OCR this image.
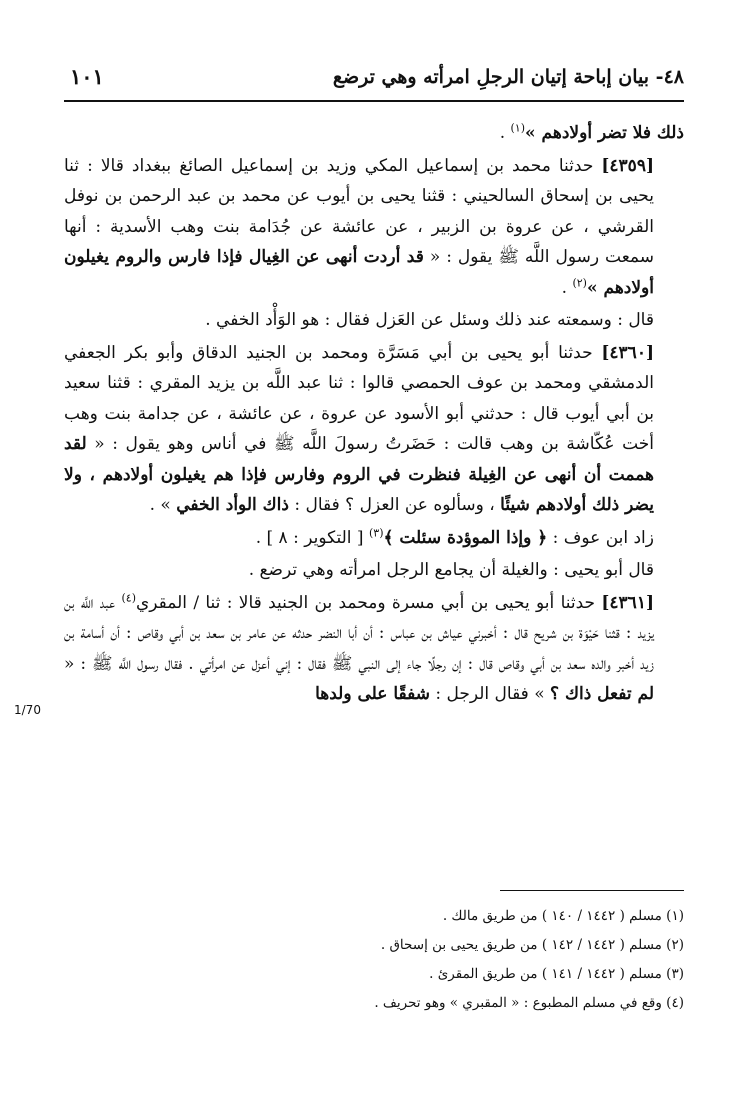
٤٨- بيان إباحة إتيان الرجلِ امرأته وهي ترضع
١٠١
1/70

ذلك فلا تضر أولادهم »$^{(١)}$ .

[٤٣٥٩] حدثنا محمد بن إسماعيل المكي وزيد بن إسماعيل الصائغ ببغداد قالا : ثنا يحيى بن إسحاق السالحيني : قثنا يحيى بن أيوب عن محمد بن عبد الرحمن بن نوفل القرشي ، عن عروة بن الزبير ، عن عائشة عن جُدَامة بنت وهب الأسدية : أنها سمعت رسول اللَّه ﷺ يقول : « قد أردت أنهى عن الغِيال فإذا فارس والروم يغيلون أولادهم »$^{(٢)}$ .

قال : وسمعته عند ذلك وسئل عن العَزل فقال : هو الوَأْد الخفي .

[٤٣٦٠] حدثنا أبو يحيى بن أبي مَسَرَّة ومحمد بن الجنيد الدقاق وأبو بكر الجعفي الدمشقي ومحمد بن عوف الحمصي قالوا : ثنا عبد اللَّه بن يزيد المقري : قثنا سعيد بن أبي أيوب قال : حدثني أبو الأسود عن عروة ، عن عائشة ، عن جدامة بنت وهب أخت عُكّاشة بن وهب قالت : حَضَرتُ رسولَ اللَّه ﷺ في أناس وهو يقول : « لقد هممت أن أنهى عن الغِيلة فنظرت في الروم وفارس فإذا هم يغيلون أولادهم ، ولا يضر ذلك أولادهم شيئًا ، وسألوه عن العزل ؟ فقال : ذاك الوأد الخفي » .

زاد ابن عوف : ﴿ وإذا الموؤدة سئلت ﴾$^{(٣)}$ [ التكوير : ٨ ] .

قال أبو يحيى : والغيلة أن يجامع الرجل امرأته وهي ترضع .

[٤٣٦١] حدثنا أبو يحيى بن أبي مسرة ومحمد بن الجنيد قالا : ثنا / المقري$^{(٤)}$ عبد اللَّه بن يزيد : قثنا حَيْوَة بن شريح قال : أخبرني عياش بن عباس : أن أبا النضر حدثه عن عامر بن سعد بن أبي وقاص : أن أسامة بن زيد أخبر والده سعد بن أبي وقاص قال : إن رجلًا جاء إلى النبي ﷺ فقال : إني أعزل عن امرأتي . فقال رسول اللَّه ﷺ : « لم تفعل ذاك ؟ » فقال الرجل : شفقًا على ولدها

(١) مسلم ( ١٤٤٢ / ١٤٠ ) من طريق مالك .

(٢) مسلم ( ١٤٤٢ / ١٤٢ ) من طريق يحيى بن إسحاق .

(٣) مسلم ( ١٤٤٢ / ١٤١ ) من طريق المقرئ .

(٤) وقع في مسلم المطبوع : « المقبري » وهو تحريف .
